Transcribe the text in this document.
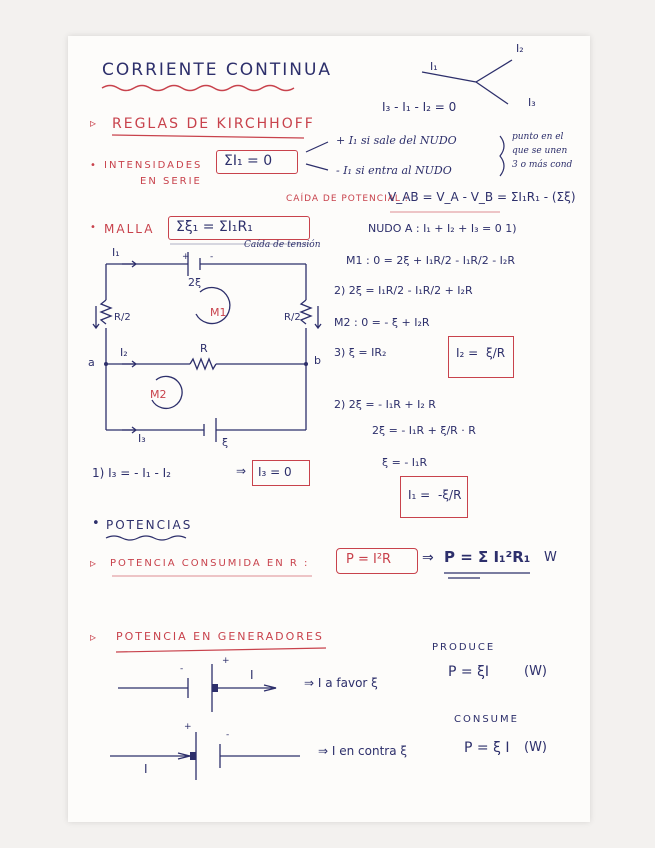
CORRIENTE CONTINUA	I₁
I₂
I₃
I₃ - I₁ - I₂ = 0
▹ REGLAS DE KIRCHHOFF
• INTENSIDADES
EN SERIE
ΣI₁ = 0
+ I₁ si sale del NUDO
- I₁ si entra al NUDO
punto en el
que se unen
3 o más cond
CAÍDA DE POTENCIAL :
V_AB = V_A - V_B = ΣI₁R₁ - (Σξ)
• MALLA Σξ₁ = ΣI₁R₁
Caída de tensión
I₁	+ -
2ξ
R/2	R/2
M1
I₂	R
a	b
M2
I₃	ξ
NUDO A : I₁ + I₂ + I₃ = 0 1)
M1 : 0 = 2ξ + I₁R/2 - I₁R/2 - I₂R
2) 2ξ = I₁R/2 - I₁R/2 + I₂R
M2 : 0 = - ξ + I₂R
3) ξ = IR₂	I₂ = ξ/R
2) 2ξ = - I₁R + I₂ R
2ξ = - I₁R + ξ/R · R
ξ = - I₁R
I₁ = -ξ/R
1) I₃ = - I₁ - I₂	⇒ I₃ = 0
• POTENCIAS
▹ POTENCIA CONSUMIDA EN R :	P = I²R ⇒ P = Σ I₁²R₁ W
▹ POTENCIA EN GENERADORES
PRODUCE
-
+
I
⇒ I a favor ξ
P = ξI	(W)
CONSUME
+
-
I
⇒ I en contra ξ	P = ξ I (W)
